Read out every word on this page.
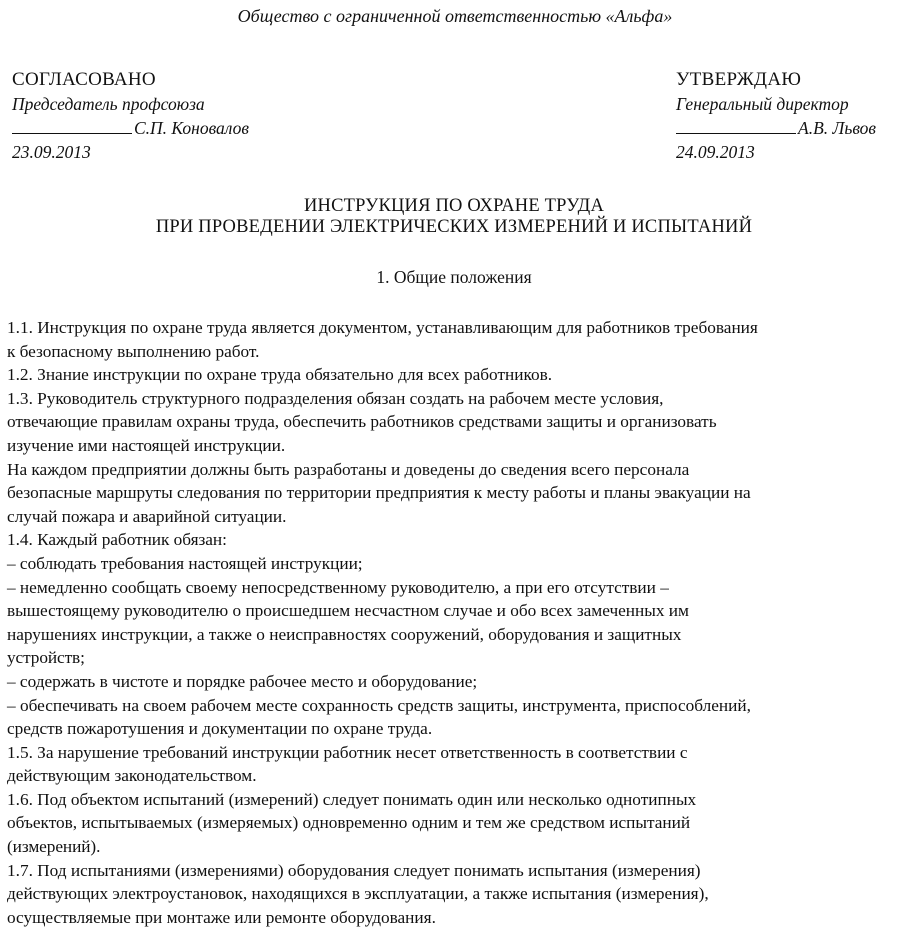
Общество с ограниченной ответственностью «Альфа»
СОГЛАСОВАНО
Председатель профсоюза
С.П. Коновалов
23.09.2013
УТВЕРЖДАЮ
Генеральный директор
А.В. Львов
24.09.2013
ИНСТРУКЦИЯ ПО ОХРАНЕ ТРУДА
ПРИ ПРОВЕДЕНИИ ЭЛЕКТРИЧЕСКИХ ИЗМЕРЕНИЙ И ИСПЫТАНИЙ
1. Общие положения
1.1. Инструкция по охране труда является документом, устанавливающим для работников требования
к безопасному выполнению работ.
1.2. Знание инструкции по охране труда обязательно для всех работников.
1.3. Руководитель структурного подразделения обязан создать на рабочем месте условия,
отвечающие правилам охраны труда, обеспечить работников средствами защиты и организовать
изучение ими настоящей инструкции.
На каждом предприятии должны быть разработаны и доведены до сведения всего персонала
безопасные маршруты следования по территории предприятия к месту работы и планы эвакуации на
случай пожара и аварийной ситуации.
1.4. Каждый работник обязан:
– соблюдать требования настоящей инструкции;
– немедленно сообщать своему непосредственному руководителю, а при его отсутствии –
вышестоящему руководителю о происшедшем несчастном случае и обо всех замеченных им
нарушениях инструкции, а также о неисправностях сооружений, оборудования и защитных
устройств;
– содержать в чистоте и порядке рабочее место и оборудование;
– обеспечивать на своем рабочем месте сохранность средств защиты, инструмента, приспособлений,
средств пожаротушения и документации по охране труда.
1.5. За нарушение требований инструкции работник несет ответственность в соответствии с
действующим законодательством.
1.6. Под объектом испытаний (измерений) следует понимать один или несколько однотипных
объектов, испытываемых (измеряемых) одновременно одним и тем же средством испытаний
(измерений).
1.7. Под испытаниями (измерениями) оборудования следует понимать испытания (измерения)
действующих электроустановок, находящихся в эксплуатации, а также испытания (измерения),
осуществляемые при монтаже или ремонте оборудования.
